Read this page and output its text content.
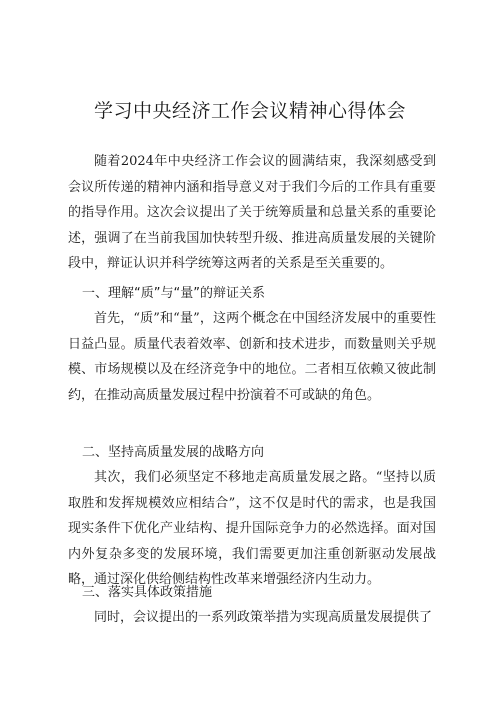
学习中央经济工作会议精神心得体会

随着2024年中央经济工作会议的圆满结束，我深刻感受到会议所传递的精神内涵和指导意义对于我们今后的工作具有重要的指导作用。这次会议提出了关于统筹质量和总量关系的重要论述，强调了在当前我国加快转型升级、推进高质量发展的关键阶段中，辩证认识并科学统筹这两者的关系是至关重要的。

一、理解“质”与“量”的辩证关系

首先，“质”和“量”，这两个概念在中国经济发展中的重要性日益凸显。质量代表着效率、创新和技术进步，而数量则关乎规模、市场规模以及在经济竞争中的地位。二者相互依赖又彼此制约，在推动高质量发展过程中扮演着不可或缺的角色。

二、坚持高质量发展的战略方向

其次，我们必须坚定不移地走高质量发展之路。“坚持以质取胜和发挥规模效应相结合”，这不仅是时代的需求，也是我国现实条件下优化产业结构、提升国际竞争力的必然选择。面对国内外复杂多变的发展环境，我们需要更加注重创新驱动发展战略，通过深化供给侧结构性改革来增强经济内生动力。

三、落实具体政策措施

同时，会议提出的一系列政策举措为实现高质量发展提供了
